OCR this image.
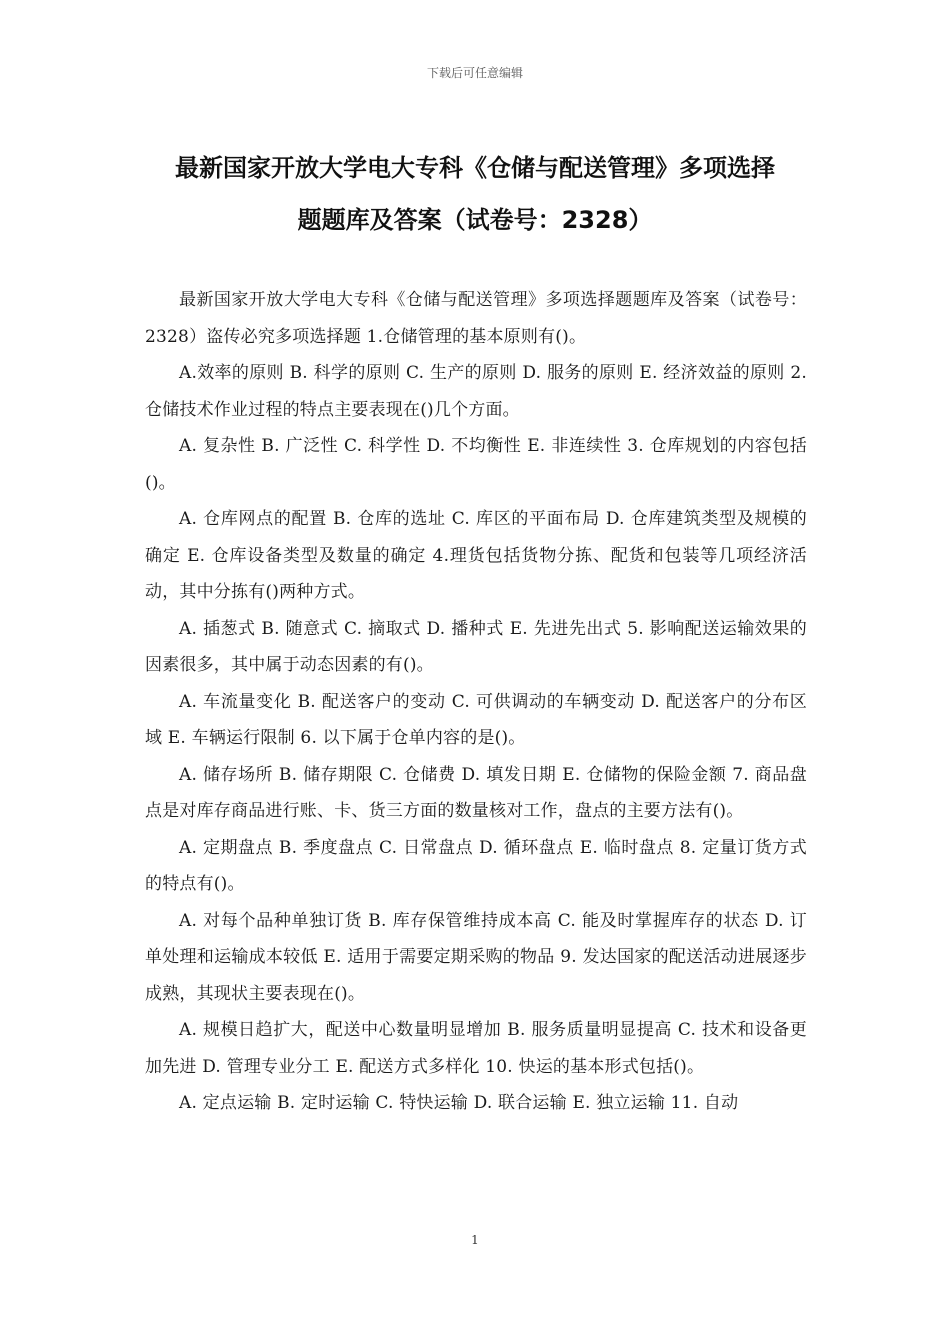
下载后可任意编辑
最新国家开放大学电大专科《仓储与配送管理》多项选择
题题库及答案（试卷号：2328）

最新国家开放大学电大专科《仓储与配送管理》多项选择题题库及答案（试卷号：2328）盗传必究多项选择题 1.仓储管理的基本原则有()。

A.效率的原则 B. 科学的原则 C. 生产的原则 D. 服务的原则 E. 经济效益的原则 2.仓储技术作业过程的特点主要表现在()几个方面。

A. 复杂性 B. 广泛性 C. 科学性 D. 不均衡性 E. 非连续性 3. 仓库规划的内容包括()。

A. 仓库网点的配置 B. 仓库的选址 C. 库区的平面布局 D. 仓库建筑类型及规模的确定 E. 仓库设备类型及数量的确定 4.理货包括货物分拣、配货和包装等几项经济活动，其中分拣有()两种方式。

A. 插葱式 B. 随意式 C. 摘取式 D. 播种式 E. 先进先出式 5. 影响配送运输效果的因素很多，其中属于动态因素的有()。

A. 车流量变化 B. 配送客户的变动 C. 可供调动的车辆变动 D. 配送客户的分布区域 E. 车辆运行限制 6. 以下属于仓单内容的是()。

A. 储存场所 B. 储存期限 C. 仓储费 D. 填发日期 E. 仓储物的保险金额 7. 商品盘点是对库存商品进行账、卡、货三方面的数量核对工作，盘点的主要方法有()。

A. 定期盘点 B. 季度盘点 C. 日常盘点 D. 循环盘点 E. 临时盘点 8. 定量订货方式的特点有()。

A. 对每个品种单独订货 B. 库存保管维持成本高 C. 能及时掌握库存的状态 D. 订单处理和运输成本较低 E. 适用于需要定期采购的物品 9. 发达国家的配送活动进展逐步成熟，其现状主要表现在()。

A. 规模日趋扩大，配送中心数量明显增加 B. 服务质量明显提高 C. 技术和设备更加先进 D. 管理专业分工 E. 配送方式多样化 10. 快运的基本形式包括()。

A. 定点运输 B. 定时运输 C. 特快运输 D. 联合运输 E. 独立运输 11. 自动

1
